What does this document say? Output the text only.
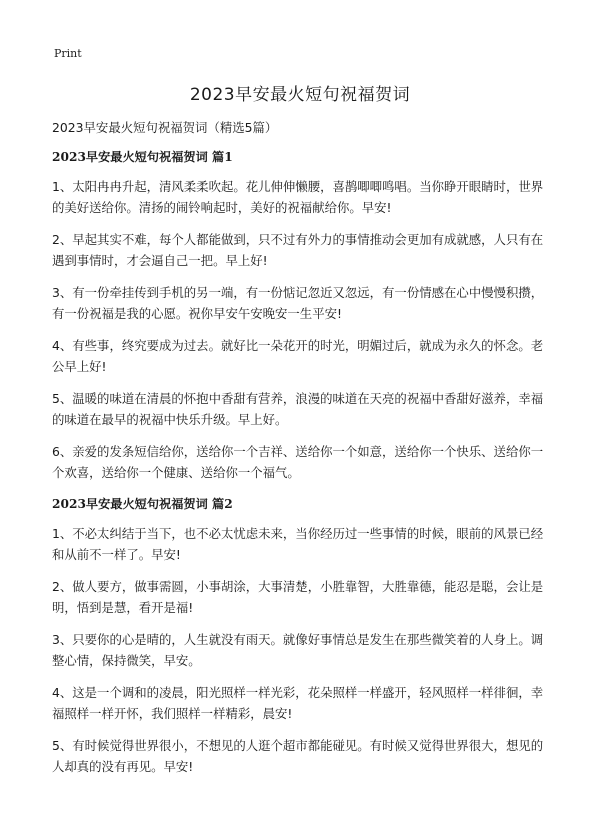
Print
2023早安最火短句祝福贺词

2023早安最火短句祝福贺词（精选5篇）

2023早安最火短句祝福贺词 篇1

1、太阳冉冉升起，清风柔柔吹起。花儿伸伸懒腰，喜鹊唧唧鸣唱。当你睁开眼睛时，世界的美好送给你。清扬的闹铃响起时，美好的祝福献给你。早安!

2、早起其实不难，每个人都能做到，只不过有外力的事情推动会更加有成就感，人只有在遇到事情时，才会逼自己一把。早上好!

3、有一份牵挂传到手机的另一端，有一份惦记忽近又忽远，有一份情感在心中慢慢积攒，有一份祝福是我的心愿。祝你早安午安晚安一生平安!

4、有些事，终究要成为过去。就好比一朵花开的时光，明媚过后，就成为永久的怀念。老公早上好!

5、温暖的味道在清晨的怀抱中香甜有营养，浪漫的味道在天亮的祝福中香甜好滋养，幸福的味道在最早的祝福中快乐升级。早上好。

6、亲爱的发条短信给你，送给你一个吉祥、送给你一个如意，送给你一个快乐、送给你一个欢喜，送给你一个健康、送给你一个福气。

2023早安最火短句祝福贺词 篇2

1、不必太纠结于当下，也不必太忧虑未来，当你经历过一些事情的时候，眼前的风景已经和从前不一样了。早安!

2、做人要方，做事需圆，小事胡涂，大事清楚，小胜靠智，大胜靠德，能忍是聪，会让是明，悟到是慧，看开是福!

3、只要你的心是晴的，人生就没有雨天。就像好事情总是发生在那些微笑着的人身上。调整心情，保持微笑，早安。

4、这是一个调和的凌晨，阳光照样一样光彩，花朵照样一样盛开，轻风照样一样徘徊，幸福照样一样开怀，我们照样一样精彩，晨安!

5、有时候觉得世界很小，不想见的人逛个超市都能碰见。有时候又觉得世界很大，想见的人却真的没有再见。早安!
